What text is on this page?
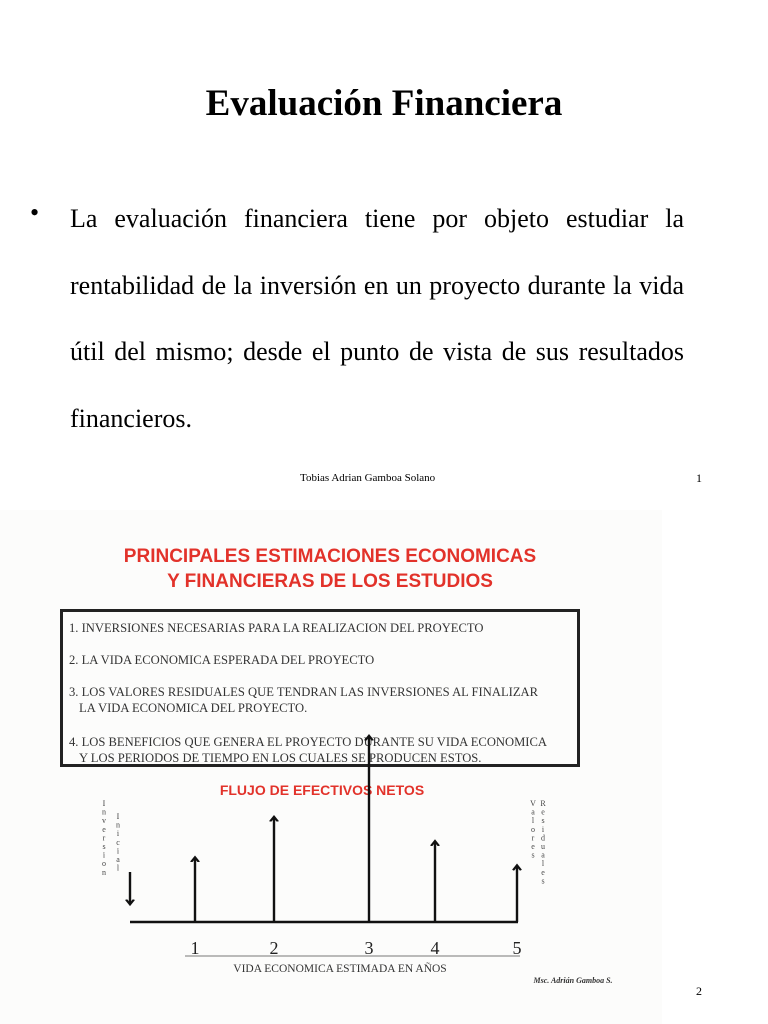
Evaluación Financiera
• La evaluación financiera tiene por objeto estudiar la rentabilidad de la inversión en un proyecto durante la vida útil del mismo; desde el punto de vista de sus resultados financieros.

Tobias Adrian Gamboa Solano	1
PRINCIPALES ESTIMACIONES ECONOMICAS
Y FINANCIERAS DE LOS ESTUDIOS
1. INVERSIONES NECESARIAS PARA LA REALIZACION DEL PROYECTO
2. LA VIDA ECONOMICA ESPERADA DEL PROYECTO
3. LOS VALORES RESIDUALES QUE TENDRAN LAS INVERSIONES AL FINALIZAR
LA VIDA ECONOMICA DEL PROYECTO.
4. LOS BENEFICIOS QUE GENERA EL PROYECTO DURANTE SU VIDA ECONOMICA
Y LOS PERIODOS DE TIEMPO EN LOS CUALES SE PRODUCEN ESTOS.
FLUJO DE EFECTIVOS NETOS
1	2	3	4	5
I n v e r s i o n
I n i c i a l
V a l o r e s
R e s i d u a l e s
VIDA ECONOMICA ESTIMADA EN AÑOS
Msc. Adrián Gamboa S.
2
